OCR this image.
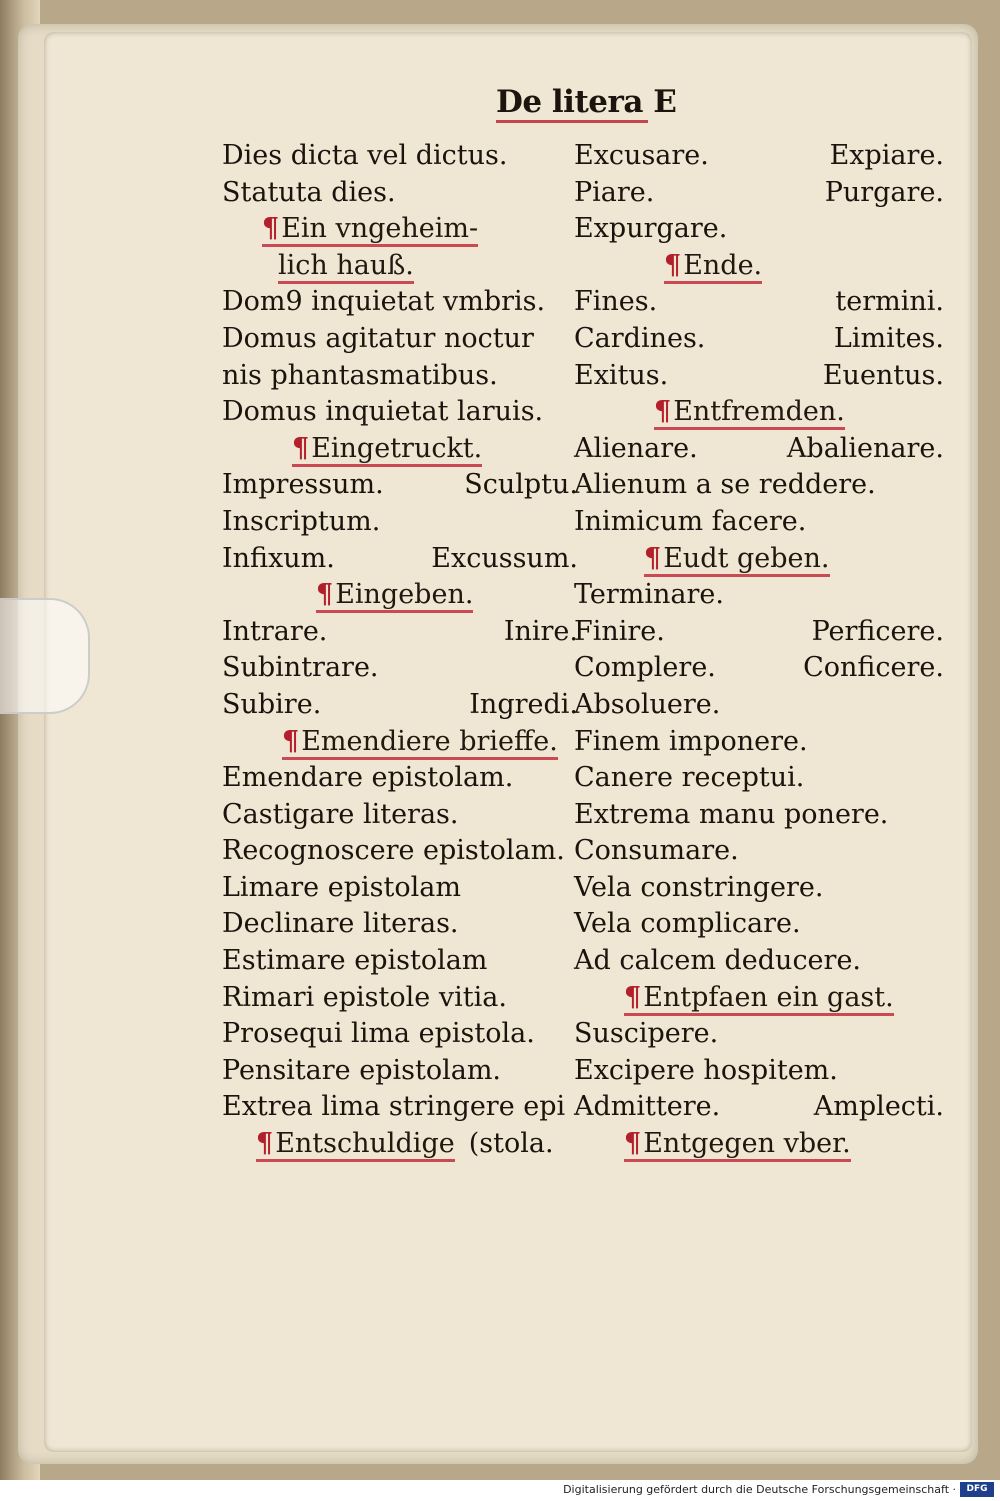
De litera E
Dies dicta vel dictus.
Statuta dies.
¶Ein vngeheim-
lich hauß.
Dom9 inquietat vmbris.
Domus agitatur noctur
nis phantasmatibus.
Domus inquietat laruis.
¶Eingetruckt.
Impressum.	Sculptu.
Inscriptum.
Infixum.	Excussum.
¶Eingeben.
Intrare.	Inire.
Subintrare.
Subire.	Ingredi.
¶Emendiere brieffe.
Emendare epistolam.
Castigare literas.
Recognoscere epistolam.
Limare epistolam
Declinare literas.
Estimare epistolam
Rimari epistole vitia.
Prosequi lima epistola.
Pensitare epistolam.
Extrea lima stringere epi
¶Entschuldige (stola.
Excusare.	Expiare.
Piare.	Purgare.
Expurgare.
¶Ende.
Fines.	termini.
Cardines.	Limites.
Exitus.	Euentus.
¶Entfremden.
Alienare.	Abalienare.
Alienum a se reddere.
Inimicum facere.
¶Eudt geben.
Terminare.
Finire.	Perficere.
Complere.	Conficere.
Absoluere.
Finem imponere.
Canere receptui.
Extrema manu ponere.
Consumare.
Vela constringere.
Vela complicare.
Ad calcem deducere.
¶Entpfaen ein gast.
Suscipere.
Excipere hospitem.
Admittere.	Amplecti.
¶Entgegen vber.
Digitalisierung gefördert durch die Deutsche Forschungsgemeinschaft ·	DFG
